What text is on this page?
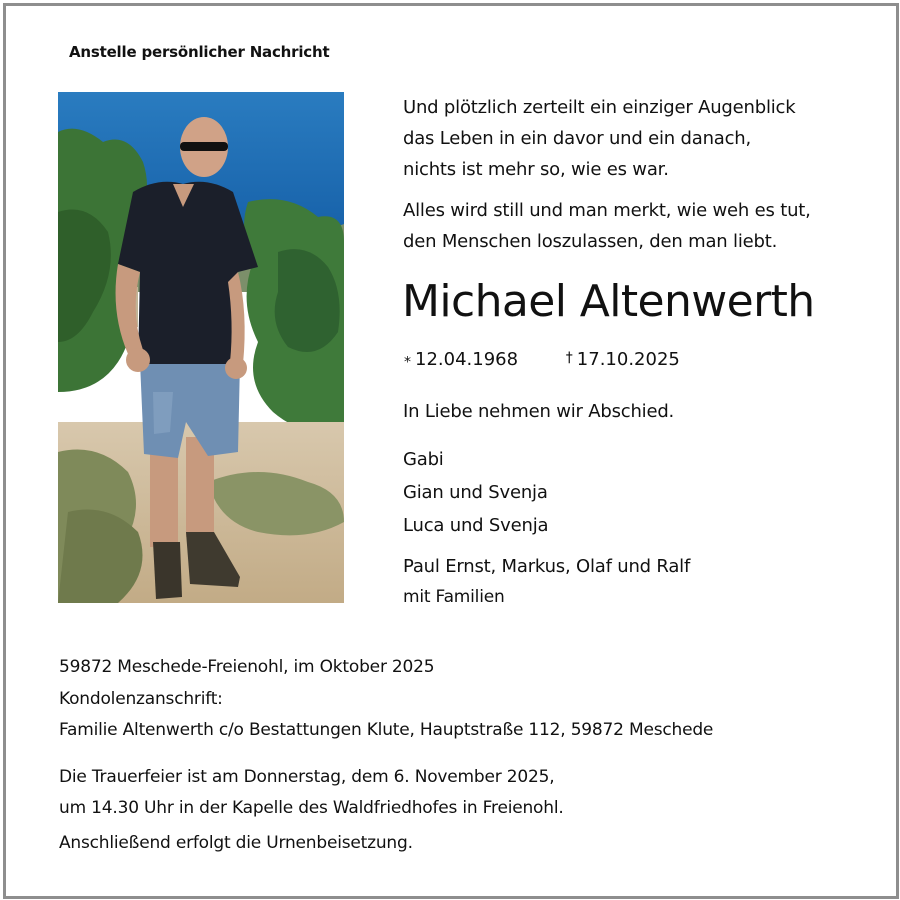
Anstelle persönlicher Nachricht
Und plötzlich zerteilt ein einziger Augenblick
das Leben in ein davor und ein danach,
nichts ist mehr so, wie es war.
Alles wird still und man merkt, wie weh es tut,
den Menschen loszulassen, den man liebt.
Michael Altenwerth
⁎ 12.04.1968	† 17.10.2025
In Liebe nehmen wir Abschied.
Gabi
Gian und Svenja
Luca und Svenja
Paul Ernst, Markus, Olaf und Ralf
mit Familien
59872 Meschede-Freienohl, im Oktober 2025
Kondolenzanschrift:
Familie Altenwerth c/o Bestattungen Klute, Hauptstraße 112, 59872 Meschede
Die Trauerfeier ist am Donnerstag, dem 6. November 2025,
um 14.30 Uhr in der Kapelle des Waldfriedhofes in Freienohl.
Anschließend erfolgt die Urnenbeisetzung.
